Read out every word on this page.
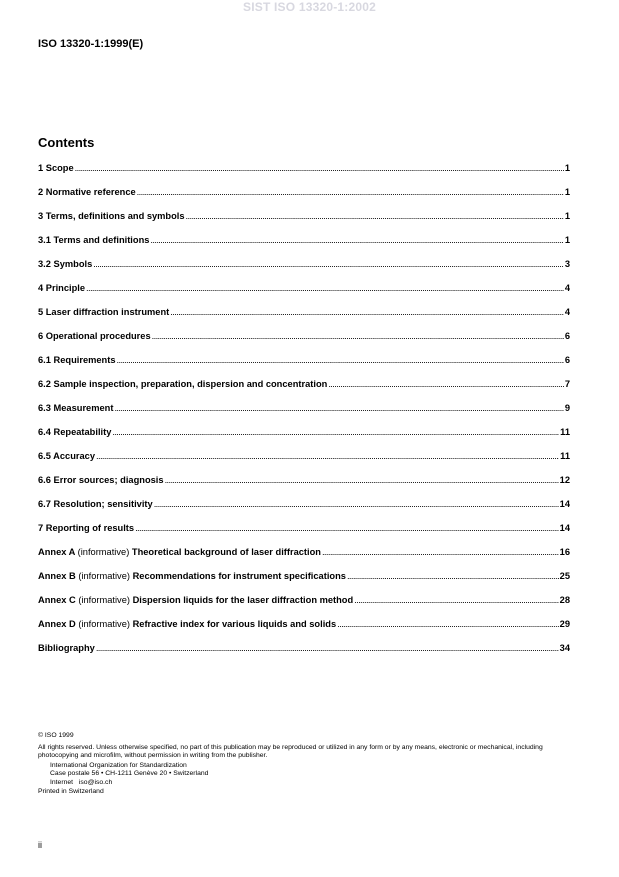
SIST ISO 13320-1:2002
ISO 13320-1:1999(E)
Contents
1 Scope . . .	1
2 Normative reference . . .	1
3 Terms, definitions and symbols . . .	1
3.1 Terms and definitions . . .	1
3.2 Symbols . . .	3
4 Principle . . .	4
5 Laser diffraction instrument . . .	4
6 Operational procedures . . .	6
6.1 Requirements . . .	6
6.2 Sample inspection, preparation, dispersion and concentration . . .	7
6.3 Measurement . . .	9
6.4 Repeatability . . .	11
6.5 Accuracy . . .	11
6.6 Error sources; diagnosis . . .	12
6.7 Resolution; sensitivity . . .	14
7 Reporting of results . . .	14
Annex A (informative) Theoretical background of laser diffraction . . .	16
Annex B (informative) Recommendations for instrument specifications . . .	25
Annex C (informative) Dispersion liquids for the laser diffraction method . . .	28
Annex D (informative) Refractive index for various liquids and solids . . .	29
Bibliography . . .	34

© ISO 1999

All rights reserved. Unless otherwise specified, no part of this publication may be reproduced or utilized in any form or by any means, electronic or mechanical, including photocopying and microfilm, without permission in writing from the publisher.

International Organization for Standardization

Case postale 56 • CH-1211 Genève 20 • Switzerland

Internet iso@iso.ch

Printed in Switzerland

ii
